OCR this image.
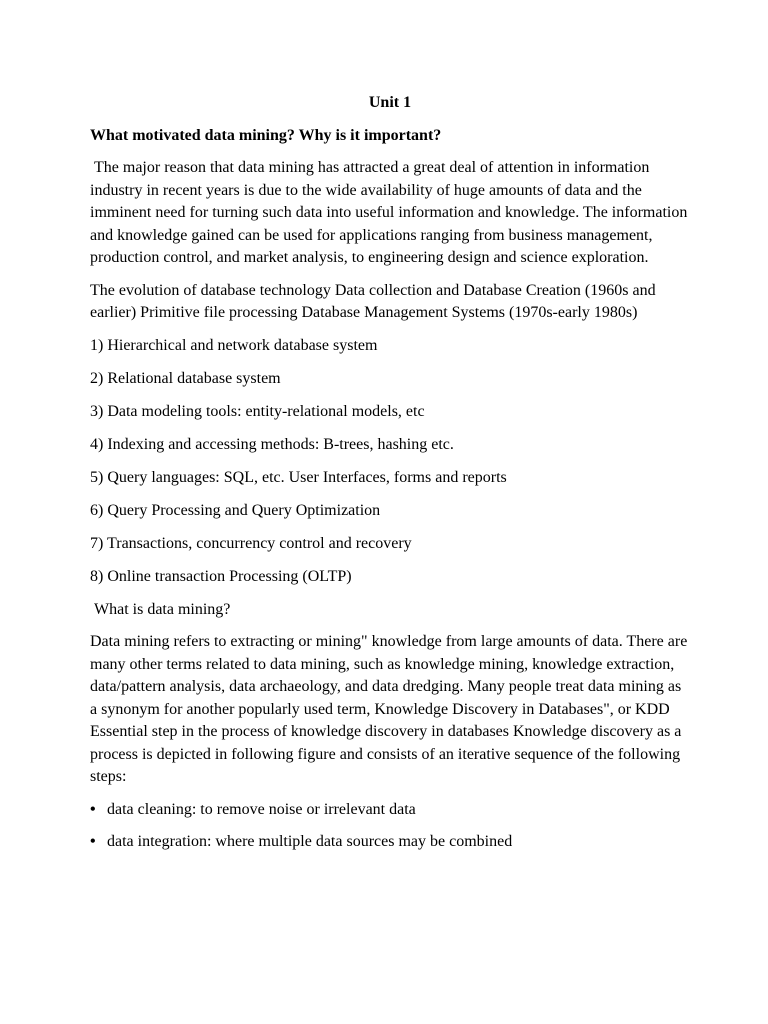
Unit 1

What motivated data mining? Why is it important?

The major reason that data mining has attracted a great deal of attention in information industry in recent years is due to the wide availability of huge amounts of data and the imminent need for turning such data into useful information and knowledge. The information and knowledge gained can be used for applications ranging from business management, production control, and market analysis, to engineering design and science exploration.

The evolution of database technology Data collection and Database Creation (1960s and earlier) Primitive file processing Database Management Systems (1970s-early 1980s)

1) Hierarchical and network database system

2) Relational database system

3) Data modeling tools: entity-relational models, etc

4) Indexing and accessing methods: B-trees, hashing etc.

5) Query languages: SQL, etc. User Interfaces, forms and reports

6) Query Processing and Query Optimization

7) Transactions, concurrency control and recovery

8) Online transaction Processing (OLTP)

What is data mining?

Data mining refers to extracting or mining" knowledge from large amounts of data. There are many other terms related to data mining, such as knowledge mining, knowledge extraction, data/pattern analysis, data archaeology, and data dredging. Many people treat data mining as a synonym for another popularly used term, Knowledge Discovery in Databases", or KDD Essential step in the process of knowledge discovery in databases Knowledge discovery as a process is depicted in following figure and consists of an iterative sequence of the following steps:

• data cleaning: to remove noise or irrelevant data

• data integration: where multiple data sources may be combined
